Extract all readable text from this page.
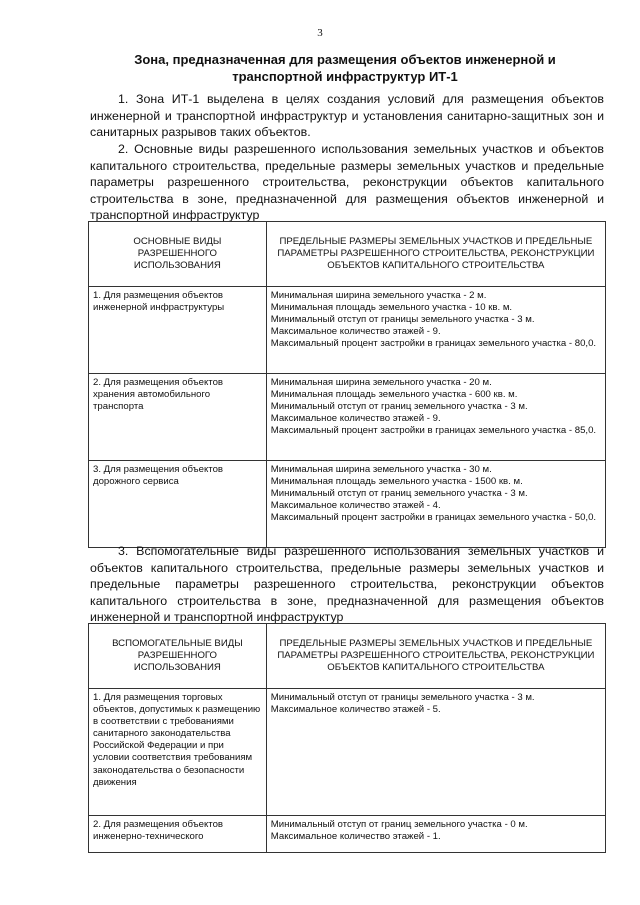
3
Зона, предназначенная для размещения объектов инженерной и транспортной инфраструктур ИТ-1

1. Зона ИТ-1 выделена в целях создания условий для размещения объектов инженерной и транспортной инфраструктур и установления санитарно-защитных зон и санитарных разрывов таких объектов.

2. Основные виды разрешенного использования земельных участков и объектов капитального строительства, предельные размеры земельных участков и предельные параметры разрешенного строительства, реконструкции объектов капитального строительства в зоне, предназначенной для размещения объектов инженерной и транспортной инфраструктур

ОСНОВНЫЕ ВИДЫ РАЗРЕШЕННОГО ИСПОЛЬЗОВАНИЯ	ПРЕДЕЛЬНЫЕ РАЗМЕРЫ ЗЕМЕЛЬНЫХ УЧАСТКОВ И ПРЕДЕЛЬНЫЕ ПАРАМЕТРЫ РАЗРЕШЕННОГО СТРОИТЕЛЬСТВА, РЕКОНСТРУКЦИИ ОБЪЕКТОВ КАПИТАЛЬНОГО СТРОИТЕЛЬСТВА
1. Для размещения объектов инженерной инфраструктуры	Минимальная ширина земельного участка - 2 м.
Минимальная площадь земельного участка - 10 кв. м.
Минимальный отступ от границы земельного участка - 3 м.
Максимальное количество этажей - 9.
Максимальный процент застройки в границах земельного участка - 80,0.

2. Для размещения объектов хранения автомобильного транспорта	Минимальная ширина земельного участка - 20 м.
Минимальная площадь земельного участка - 600 кв. м.
Минимальный отступ от границ земельного участка - 3 м.
Максимальное количество этажей - 9.
Максимальный процент застройки в границах земельного участка - 85,0.

3. Для размещения объектов дорожного сервиса	Минимальная ширина земельного участка - 30 м.
Минимальная площадь земельного участка - 1500 кв. м.
Минимальный отступ от границ земельного участка - 3 м.
Максимальное количество этажей - 4.
Максимальный процент застройки в границах земельного участка - 50,0.

3. Вспомогательные виды разрешенного использования земельных участков и объектов капитального строительства, предельные размеры земельных участков и предельные параметры разрешенного строительства, реконструкции объектов капитального строительства в зоне, предназначенной для размещения объектов инженерной и транспортной инфраструктур

ВСПОМОГАТЕЛЬНЫЕ ВИДЫ РАЗРЕШЕННОГО ИСПОЛЬЗОВАНИЯ	ПРЕДЕЛЬНЫЕ РАЗМЕРЫ ЗЕМЕЛЬНЫХ УЧАСТКОВ И ПРЕДЕЛЬНЫЕ ПАРАМЕТРЫ РАЗРЕШЕННОГО СТРОИТЕЛЬСТВА, РЕКОНСТРУКЦИИ ОБЪЕКТОВ КАПИТАЛЬНОГО СТРОИТЕЛЬСТВА
1. Для размещения торговых объектов, допустимых к размещению в соответствии с требованиями санитарного законодательства Российской Федерации и при условии соответствия требованиям законодательства о безопасности движения	Минимальный отступ от границы земельного участка - 3 м.
Максимальное количество этажей - 5.

2. Для размещения объектов инженерно-технического	Минимальный отступ от границ земельного участка - 0 м.
Максимальное количество этажей - 1.
